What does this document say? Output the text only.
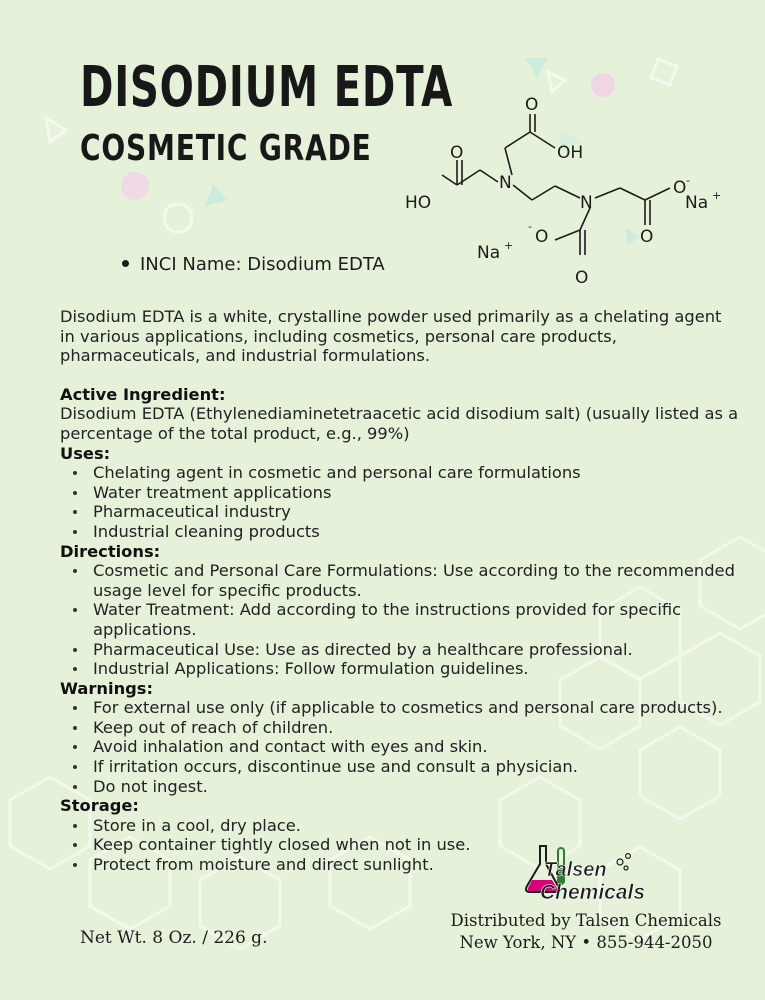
DISODIUM EDTA
COSMETIC GRADE
O
OH
O
HO
N
N
O -
O
Na +
-
O
O
Na +
INCI Name: Disodium EDTA

Disodium EDTA is a white, crystalline powder used primarily as a chelating agent in various applications, including cosmetics, personal care products, pharmaceuticals, and industrial formulations.

Active Ingredient:

Disodium EDTA (Ethylenediaminetetraacetic acid disodium salt) (usually listed as a percentage of the total product, e.g., 99%)

Uses:
Chelating agent in cosmetic and personal care formulations
Water treatment applications
Pharmaceutical industry
Industrial cleaning products
Directions:
Cosmetic and Personal Care Formulations: Use according to the recommended usage level for specific products.
Water Treatment: Add according to the instructions provided for specific applications.
Pharmaceutical Use: Use as directed by a healthcare professional.
Industrial Applications: Follow formulation guidelines.
Warnings:
For external use only (if applicable to cosmetics and personal care products).
Keep out of reach of children.
Avoid inhalation and contact with eyes and skin.
If irritation occurs, discontinue use and consult a physician.
Do not ingest.
Storage:
Store in a cool, dry place.
Keep container tightly closed when not in use.
Protect from moisture and direct sunlight.	Talsen
Chemicals
Net Wt. 8 Oz. / 226 g.
Distributed by Talsen Chemicals
New York, NY • 855-944-2050
